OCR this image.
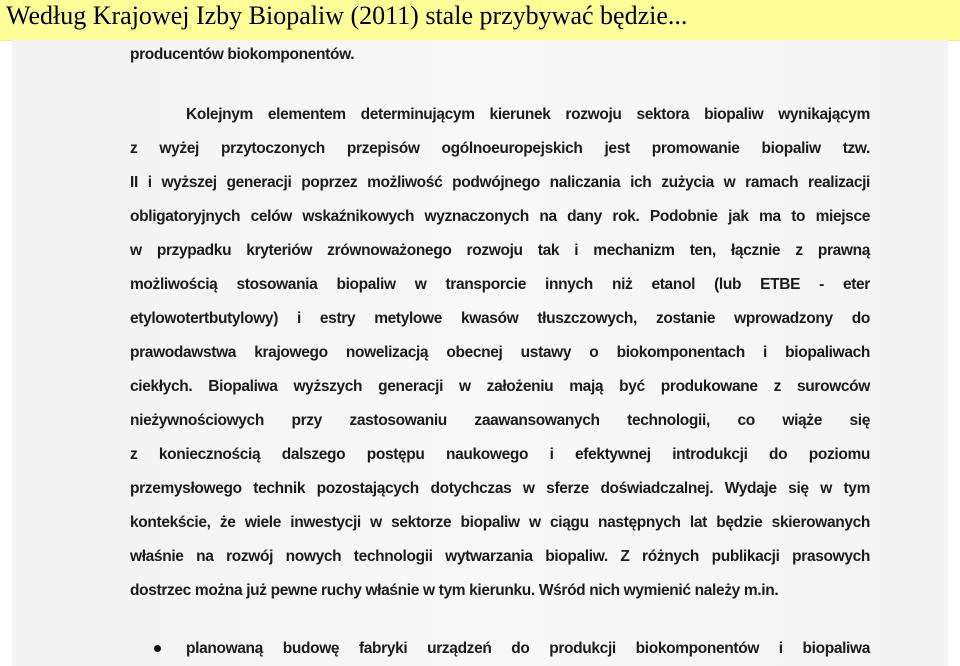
Według Krajowej Izby Biopaliw (2011) stale przybywać będzie...
producentów biokomponentów.
Kolejnym elementem determinującym kierunek rozwoju sektora biopaliw wynikającym
z wyżej przytoczonych przepisów ogólnoeuropejskich jest promowanie biopaliw tzw.
II i wyższej generacji poprzez możliwość podwójnego naliczania ich zużycia w ramach realizacji
obligatoryjnych celów wskaźnikowych wyznaczonych na dany rok. Podobnie jak ma to miejsce
w przypadku kryteriów zrównoważonego rozwoju tak i mechanizm ten, łącznie z prawną
możliwością stosowania biopaliw w transporcie innych niż etanol (lub ETBE - eter
etylowotertbutylowy) i estry metylowe kwasów tłuszczowych, zostanie wprowadzony do
prawodawstwa krajowego nowelizacją obecnej ustawy o biokomponentach i biopaliwach
ciekłych. Biopaliwa wyższych generacji w założeniu mają być produkowane z surowców
nieżywnościowych przy zastosowaniu zaawansowanych technologii, co wiąże się
z koniecznością dalszego postępu naukowego i efektywnej introdukcji do poziomu
przemysłowego technik pozostających dotychczas w sferze doświadczalnej. Wydaje się w tym
kontekście, że wiele inwestycji w sektorze biopaliw w ciągu następnych lat będzie skierowanych
właśnie na rozwój nowych technologii wytwarzania biopaliw. Z różnych publikacji prasowych
dostrzec można już pewne ruchy właśnie w tym kierunku. Wśród nich wymienić należy m.in.
planowaną budowę fabryki urządzeń do produkcji biokomponentów i biopaliwa
